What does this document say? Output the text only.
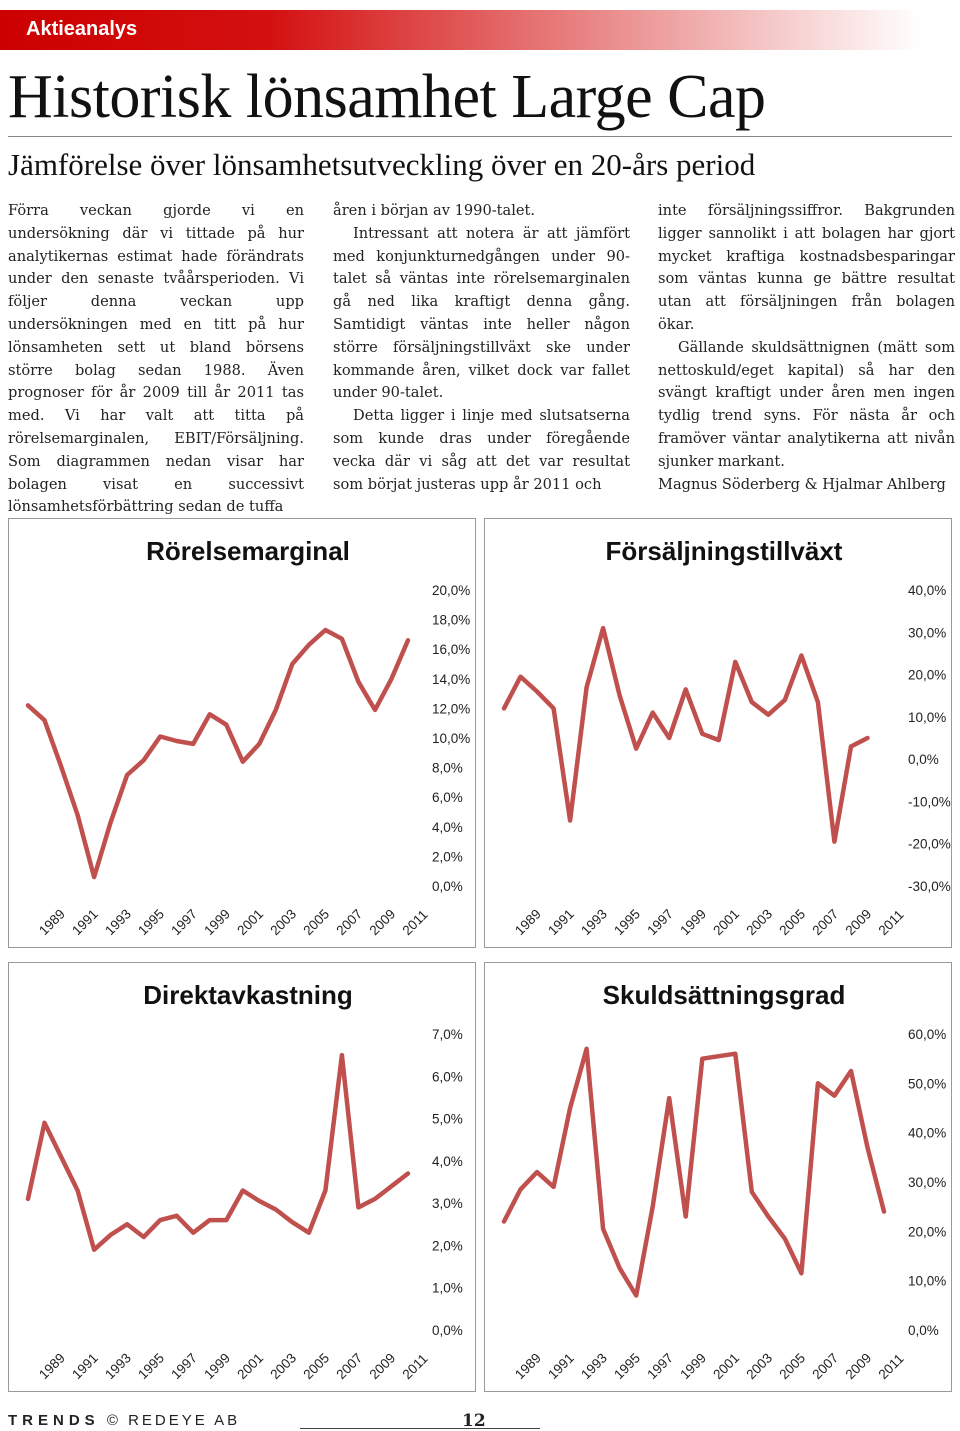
Aktieanalys
Historisk lönsamhet Large Cap
Jämförelse över lönsamhetsutveckling över en 20-års period

Förra veckan gjorde vi en undersökning där vi tittade på hur analytikernas estimat hade förändrats under den senaste tvåårsperioden. Vi följer denna veckan upp undersökningen med en titt på hur lönsamheten sett ut bland börsens större bolag sedan 1988. Även prognoser för år 2009 till år 2011 tas med. Vi har valt att titta på rörelsemarginalen, EBIT/Försäljning. Som diagrammen nedan visar har bolagen visat en successivt lönsamhetsförbättring sedan de tuffa

åren i början av 1990-talet.

Intressant att notera är att jämfört med konjunkturnedgången under 90-talet så väntas inte rörelsemarginalen gå ned lika kraftigt denna gång. Samtidigt väntas inte heller någon större försäljningstillväxt ske under kommande åren, vilket dock var fallet under 90-talet.

Detta ligger i linje med slutsatserna som kunde dras under föregående vecka där vi såg att det var resultat som börjat justeras upp år 2011 och

inte försäljningssiffror. Bakgrunden ligger sannolikt i att bolagen har gjort mycket kraftiga kostnadsbesparingar som väntas kunna ge bättre resultat utan att försäljningen från bolagen ökar.

Gällande skuldsättnignen (mätt som nettoskuld/eget kapital) så har den svängt kraftigt under åren men ingen tydlig trend syns. För nästa år och framöver väntar analytikerna att nivån sjunker markant.

Magnus Söderberg & Hjalmar Ahlberg

Rörelsemarginal
20,0%
18,0%
16,0%
14,0%
12,0%
10,0%
8,0%
6,0%
4,0%
2,0%
0,0%
1989 1991 1993 1995 1997 1999 2001 2003 2005 2007 2009 2011
Försäljningstillväxt
40,0%
30,0%
20,0%
10,0%
0,0%
-10,0%
-20,0%
-30,0%
1989 1991 1993 1995 1997 1999 2001 2003 2005 2007 2009 2011
Direktavkastning
7,0%
6,0%
5,0%
4,0%
3,0%
2,0%
1,0%
0,0%
1989 1991 1993 1995 1997 1999 2001 2003 2005 2007 2009 2011
Skuldsättningsgrad
60,0%
50,0%
40,0%
30,0%
20,0%
10,0%
0,0%
1989 1991 1993 1995 1997 1999 2001 2003 2005 2007 2009 2011
TRENDS © REDEYE AB	12
